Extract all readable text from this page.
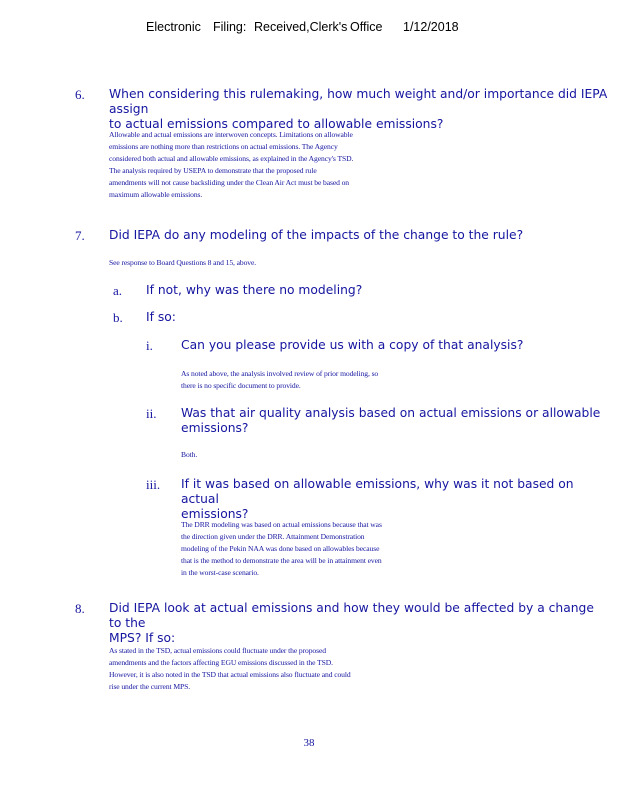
Electronic Filing: Received,Clerk's Office 1/12/2018
6. When considering this rulemaking, how much weight and/or importance did IEPA assign
to actual emissions compared to allowable emissions?
Allowable and actual emissions are interwoven concepts. Limitations on allowable
emissions are nothing more than restrictions on actual emissions. The Agency
considered both actual and allowable emissions, as explained in the Agency's TSD.
The analysis required by USEPA to demonstrate that the proposed rule
amendments will not cause backsliding under the Clean Air Act must be based on
maximum allowable emissions.
7. Did IEPA do any modeling of the impacts of the change to the rule?
See response to Board Questions 8 and 15, above.
a. If not, why was there no modeling?
b. If so:
i. Can you please provide us with a copy of that analysis?
As noted above, the analysis involved review of prior modeling, so
there is no specific document to provide.
ii. Was that air quality analysis based on actual emissions or allowable
emissions?
Both.
iii. If it was based on allowable emissions, why was it not based on actual
emissions?
The DRR modeling was based on actual emissions because that was
the direction given under the DRR. Attainment Demonstration
modeling of the Pekin NAA was done based on allowables because
that is the method to demonstrate the area will be in attainment even
in the worst-case scenario.
8. Did IEPA look at actual emissions and how they would be affected by a change to the
MPS? If so:
As stated in the TSD, actual emissions could fluctuate under the proposed
amendments and the factors affecting EGU emissions discussed in the TSD.
However, it is also noted in the TSD that actual emissions also fluctuate and could
rise under the current MPS.
38
